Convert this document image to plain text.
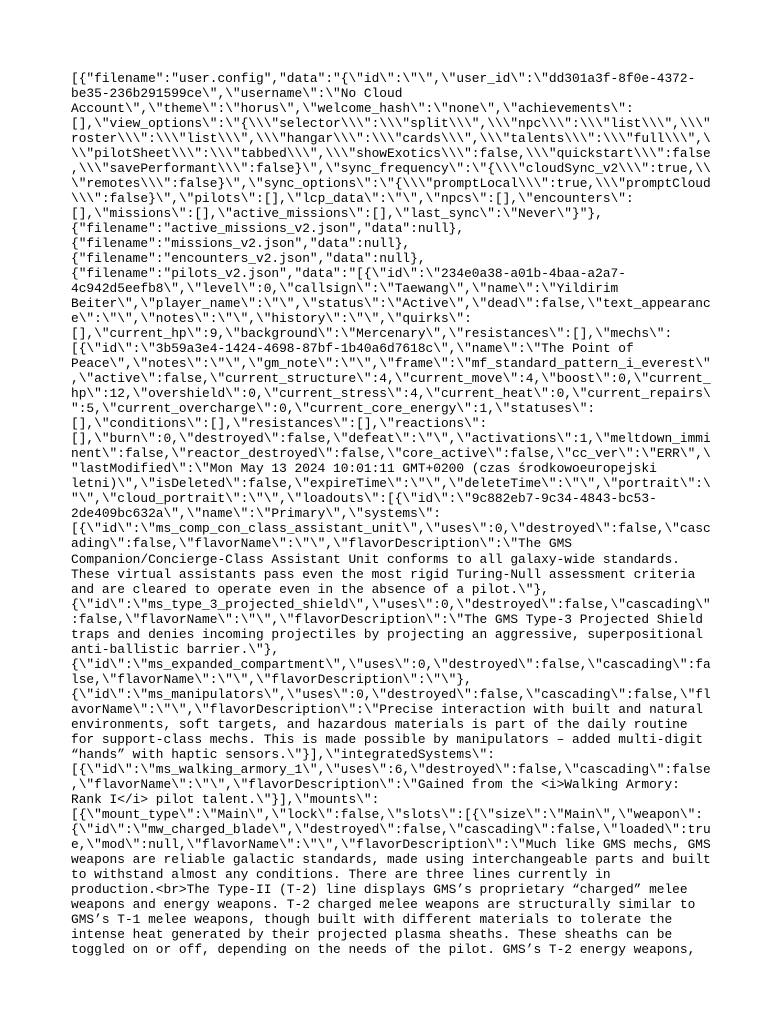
[{"filename":"user.config","data":"{\"id\":\"\",\"user_id\":\"dd301a3f-8f0e-4372-
be35-236b291599ce\",\"username\":\"No Cloud
Account\",\"theme\":\"horus\",\"welcome_hash\":\"none\",\"achievements\":
[],\"view_options\":\"{\\\"selector\\\":\\\"split\\\",\\\"npc\\\":\\\"list\\\",\\\"
roster\\\":\\\"list\\\",\\\"hangar\\\":\\\"cards\\\",\\\"talents\\\":\\\"full\\\",\
\\"pilotSheet\\\":\\\"tabbed\\\",\\\"showExotics\\\":false,\\\"quickstart\\\":false
,\\\"savePerformant\\\":false}\",\"sync_frequency\":\"{\\\"cloudSync_v2\\\":true,\\
\"remotes\\\":false}\",\"sync_options\":\"{\\\"promptLocal\\\":true,\\\"promptCloud
\\\":false}\",\"pilots\":[],\"lcp_data\":\"\",\"npcs\":[],\"encounters\":
[],\"missions\":[],\"active_missions\":[],\"last_sync\":\"Never\"}"},
{"filename":"active_missions_v2.json","data":null},
{"filename":"missions_v2.json","data":null},
{"filename":"encounters_v2.json","data":null},
{"filename":"pilots_v2.json","data":"[{\"id\":\"234e0a38-a01b-4baa-a2a7-
4c942d5eefb8\",\"level\":0,\"callsign\":\"Taewang\",\"name\":\"Yildirim
Beiter\",\"player_name\":\"\",\"status\":\"Active\",\"dead\":false,\"text_appearanc
e\":\"\",\"notes\":\"\",\"history\":\"\",\"quirks\":
[],\"current_hp\":9,\"background\":\"Mercenary\",\"resistances\":[],\"mechs\":
[{\"id\":\"3b59a3e4-1424-4698-87bf-1b40a6d7618c\",\"name\":\"The Point of
Peace\",\"notes\":\"\",\"gm_note\":\"\",\"frame\":\"mf_standard_pattern_i_everest\"
,\"active\":false,\"current_structure\":4,\"current_move\":4,\"boost\":0,\"current_
hp\":12,\"overshield\":0,\"current_stress\":4,\"current_heat\":0,\"current_repairs\
":5,\"current_overcharge\":0,\"current_core_energy\":1,\"statuses\":
[],\"conditions\":[],\"resistances\":[],\"reactions\":
[],\"burn\":0,\"destroyed\":false,\"defeat\":\"\",\"activations\":1,\"meltdown_immi
nent\":false,\"reactor_destroyed\":false,\"core_active\":false,\"cc_ver\":\"ERR\",\
"lastModified\":\"Mon May 13 2024 10:01:11 GMT+0200 (czas środkowoeuropejski
letni)\",\"isDeleted\":false,\"expireTime\":\"\",\"deleteTime\":\"\",\"portrait\":\
"\",\"cloud_portrait\":\"\",\"loadouts\":[{\"id\":\"9c882eb7-9c34-4843-bc53-
2de409bc632a\",\"name\":\"Primary\",\"systems\":
[{\"id\":\"ms_comp_con_class_assistant_unit\",\"uses\":0,\"destroyed\":false,\"casc
ading\":false,\"flavorName\":\"\",\"flavorDescription\":\"The GMS
Companion/Concierge-Class Assistant Unit conforms to all galaxy-wide standards.
These virtual assistants pass even the most rigid Turing-Null assessment criteria
and are cleared to operate even in the absence of a pilot.\"},
{\"id\":\"ms_type_3_projected_shield\",\"uses\":0,\"destroyed\":false,\"cascading\"
:false,\"flavorName\":\"\",\"flavorDescription\":\"The GMS Type-3 Projected Shield
traps and denies incoming projectiles by projecting an aggressive, superpositional
anti-ballistic barrier.\"},
{\"id\":\"ms_expanded_compartment\",\"uses\":0,\"destroyed\":false,\"cascading\":fa
lse,\"flavorName\":\"\",\"flavorDescription\":\"\"},
{\"id\":\"ms_manipulators\",\"uses\":0,\"destroyed\":false,\"cascading\":false,\"fl
avorName\":\"\",\"flavorDescription\":\"Precise interaction with built and natural
environments, soft targets, and hazardous materials is part of the daily routine
for support-class mechs. This is made possible by manipulators – added multi-digit
“hands” with haptic sensors.\"}],\"integratedSystems\":
[{\"id\":\"ms_walking_armory_1\",\"uses\":6,\"destroyed\":false,\"cascading\":false
,\"flavorName\":\"\",\"flavorDescription\":\"Gained from the <i>Walking Armory:
Rank I</i> pilot talent.\"}],\"mounts\":
[{\"mount_type\":\"Main\",\"lock\":false,\"slots\":[{\"size\":\"Main\",\"weapon\":
{\"id\":\"mw_charged_blade\",\"destroyed\":false,\"cascading\":false,\"loaded\":tru
e,\"mod\":null,\"flavorName\":\"\",\"flavorDescription\":\"Much like GMS mechs, GMS
weapons are reliable galactic standards, made using interchangeable parts and built
to withstand almost any conditions. There are three lines currently in
production.<br>The Type-II (T-2) line displays GMS’s proprietary “charged” melee
weapons and energy weapons. T-2 charged melee weapons are structurally similar to
GMS’s T-1 melee weapons, though built with different materials to tolerate the
intense heat generated by their projected plasma sheaths. These sheaths can be
toggled on or off, depending on the needs of the pilot. GMS’s T-2 energy weapons,
